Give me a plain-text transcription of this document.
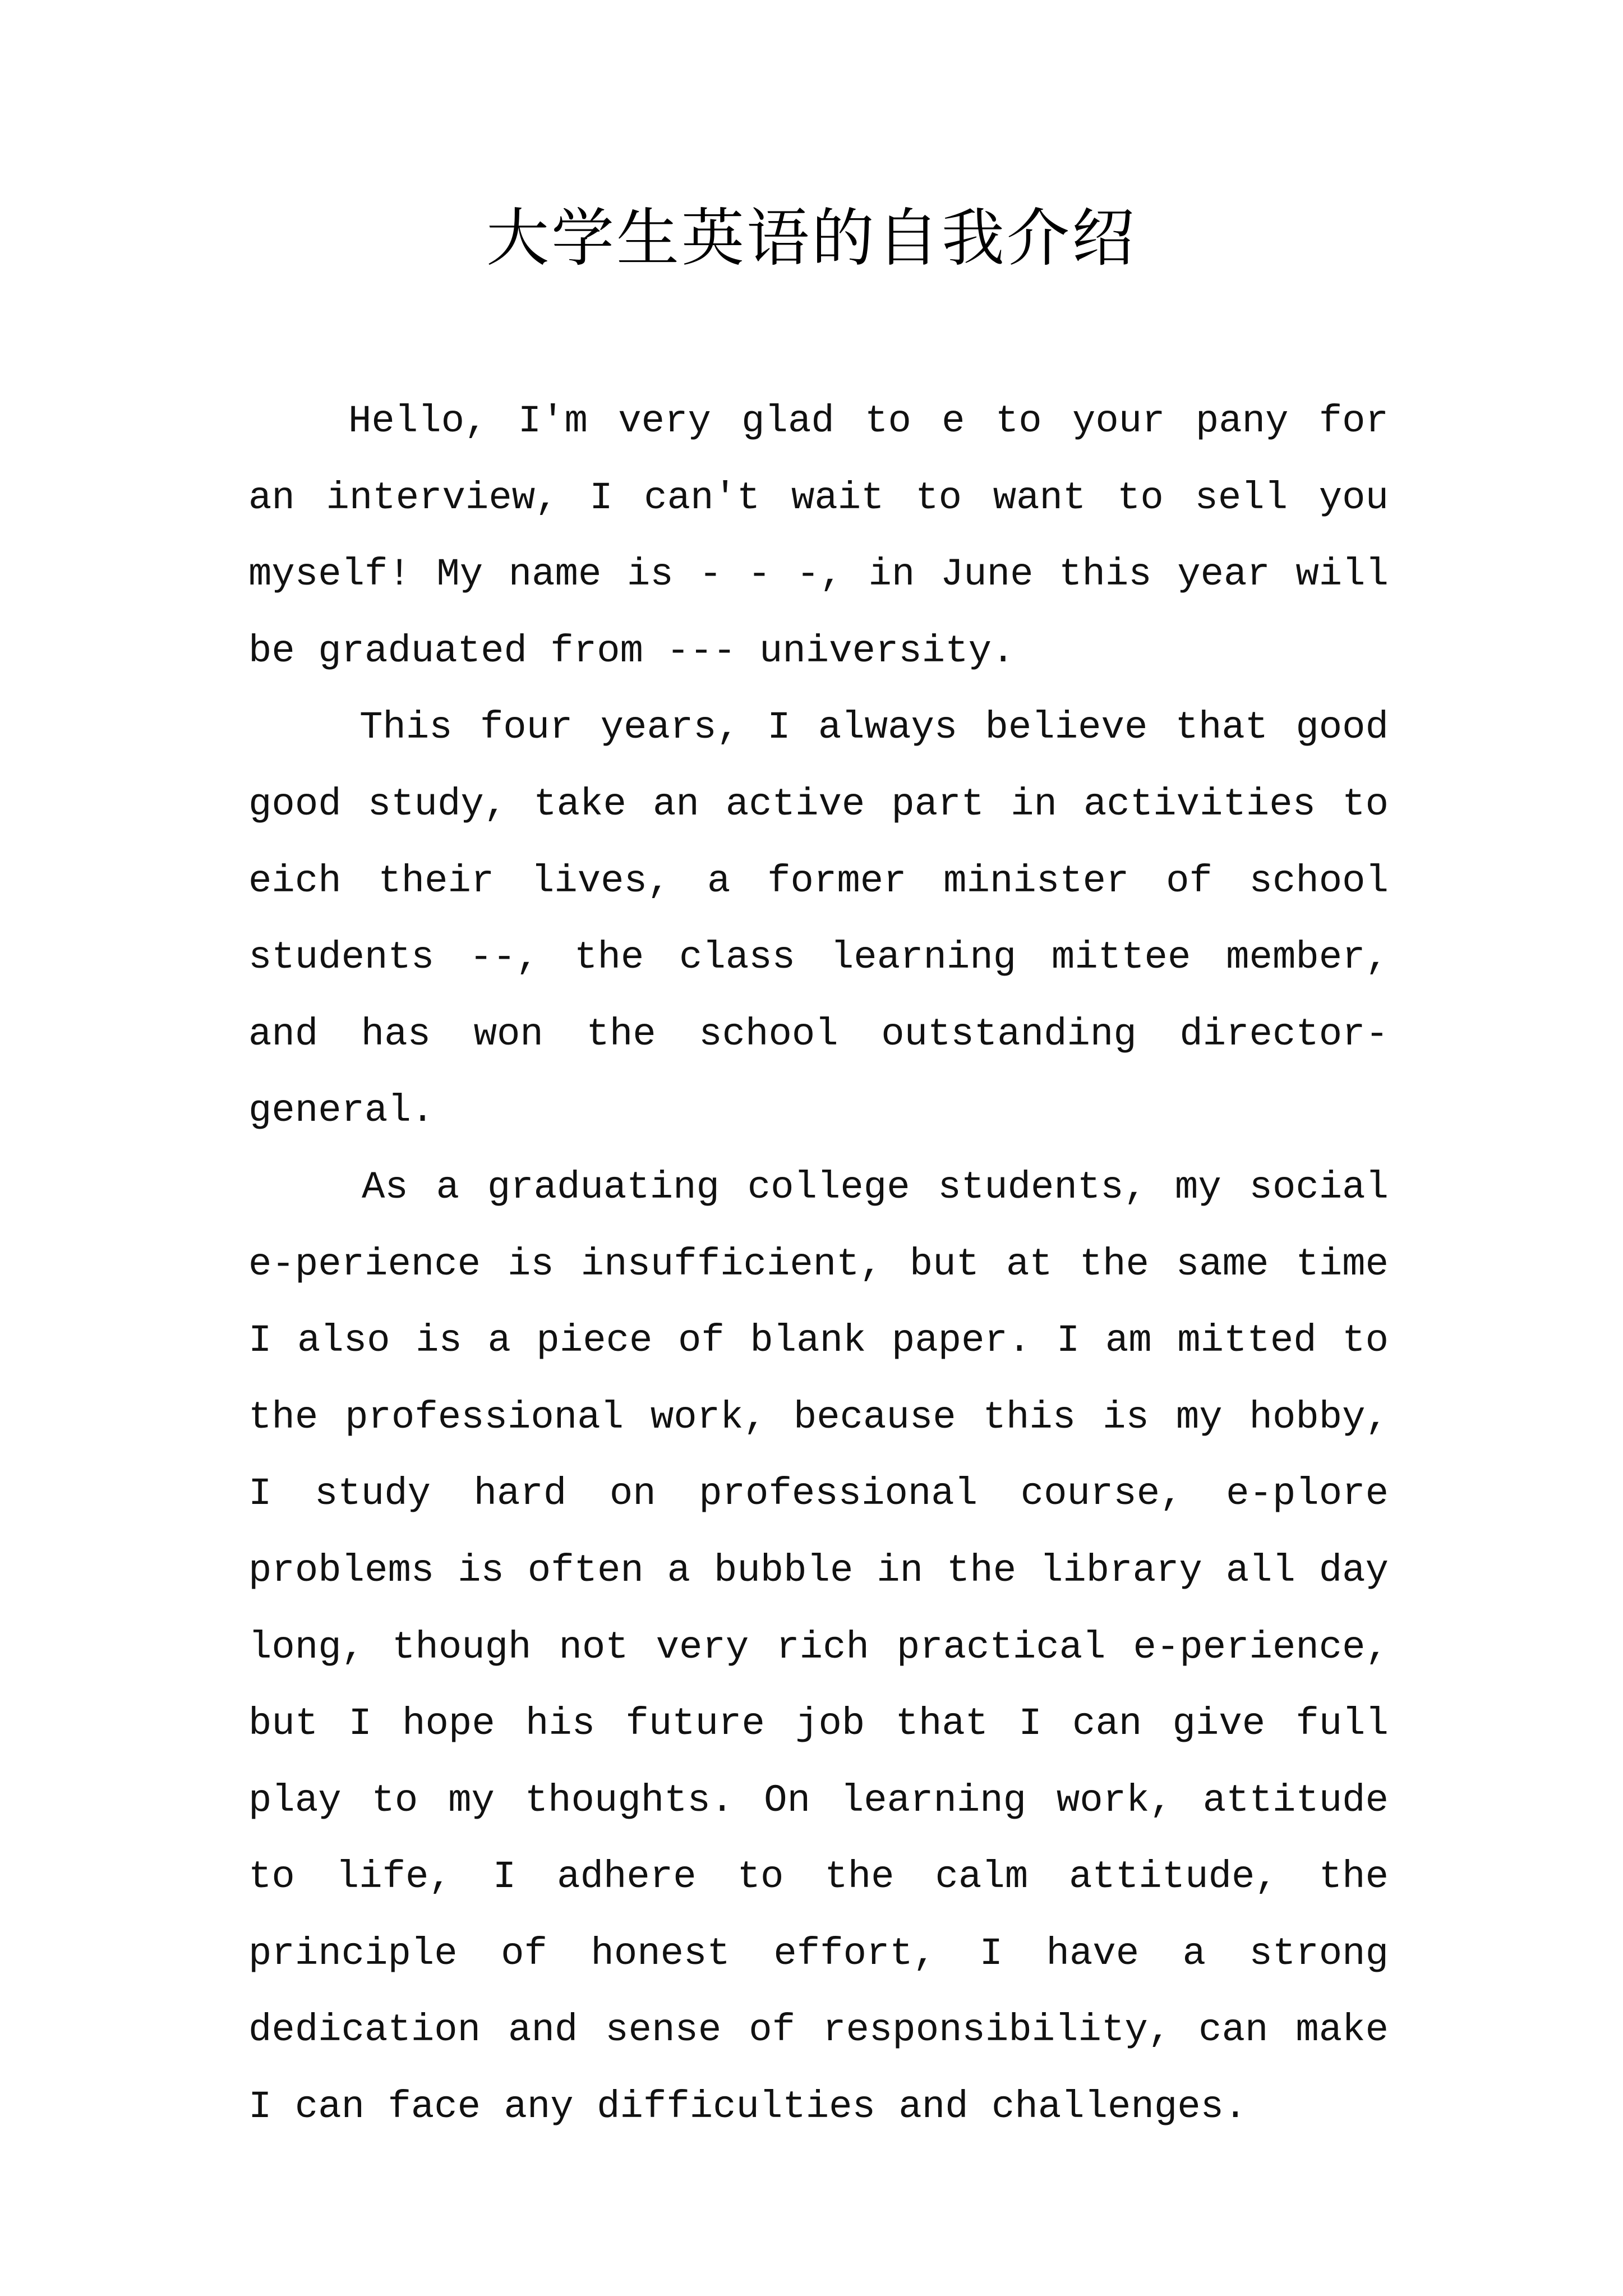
大学生英语的自我介绍

Hello, I'm very glad to e to your pany for an interview, I can't wait to want to sell you myself! My name is - - -, in June this year will be graduated from --- university.

This four years, I always believe that good good study, take an active part in activities to eich their lives, a former minister of school students --, the class learning mittee member, and has won the school outstanding director-general.

As a graduating college students, my social e-perience is insufficient, but at the same time I also is a piece of blank paper. I am mitted to the professional work, because this is my hobby, I study hard on professional course, e-plore problems is often a bubble in the library all day long, though not very rich practical e-perience, but I hope his future job that I can give full play to my thoughts. On learning work, attitude to life, I adhere to the calm attitude, the principle of honest effort, I have a strong dedication and sense of responsibility, can make I can face any difficulties and challenges.
